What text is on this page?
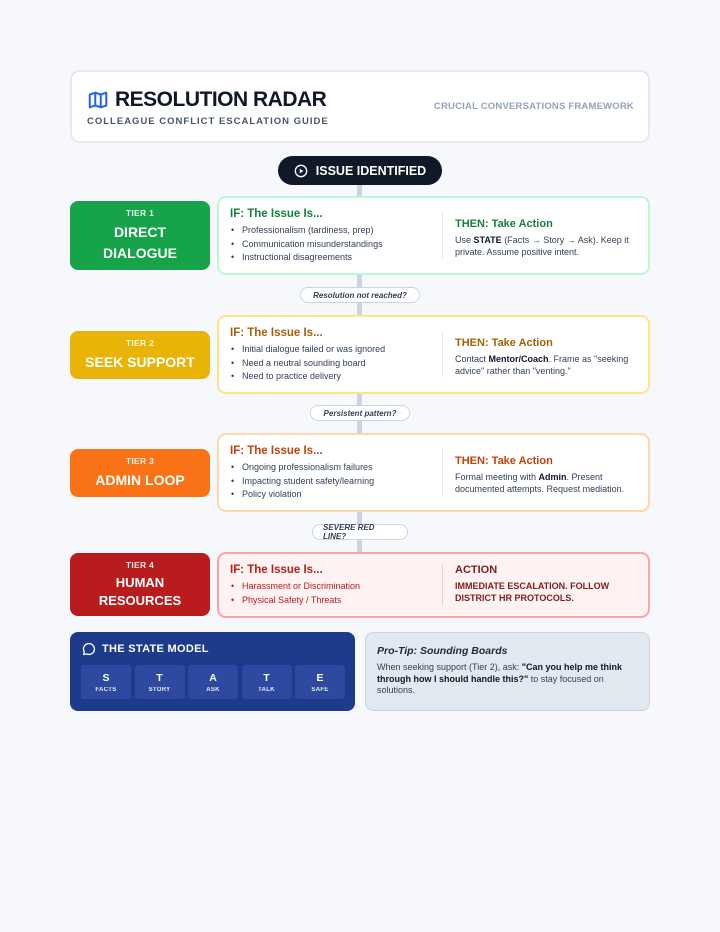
RESOLUTION RADAR
COLLEAGUE CONFLICT ESCALATION GUIDE
CRUCIAL CONVERSATIONS FRAMEWORK
ISSUE IDENTIFIED
TIER 1
DIRECT DIALOGUE
IF: The Issue Is...
• Professionalism (tardiness, prep)
• Communication misunderstandings
• Instructional disagreements
THEN: Take Action
Use STATE (Facts → Story → Ask). Keep it private. Assume positive intent.
Resolution not reached?
TIER 2
SEEK SUPPORT
IF: The Issue Is...
• Initial dialogue failed or was ignored
• Need a neutral sounding board
• Need to practice delivery
THEN: Take Action
Contact Mentor/Coach. Frame as "seeking advice" rather than "venting."
Persistent pattern?
TIER 3
ADMIN LOOP
IF: The Issue Is...
• Ongoing professionalism failures
• Impacting student safety/learning
• Policy violation
THEN: Take Action
Formal meeting with Admin. Present documented attempts. Request mediation.
SEVERE RED LINE?
TIER 4
HUMAN RESOURCES
IF: The Issue Is...
• Harassment or Discrimination
• Physical Safety / Threats
ACTION
IMMEDIATE ESCALATION. FOLLOW DISTRICT HR PROTOCOLS.
THE STATE MODEL
S
FACTS
T
STORY
A
ASK
T
TALK
E
SAFE
Pro-Tip: Sounding Boards
When seeking support (Tier 2), ask: "Can you help me think through how I should handle this?" to stay focused on solutions.
